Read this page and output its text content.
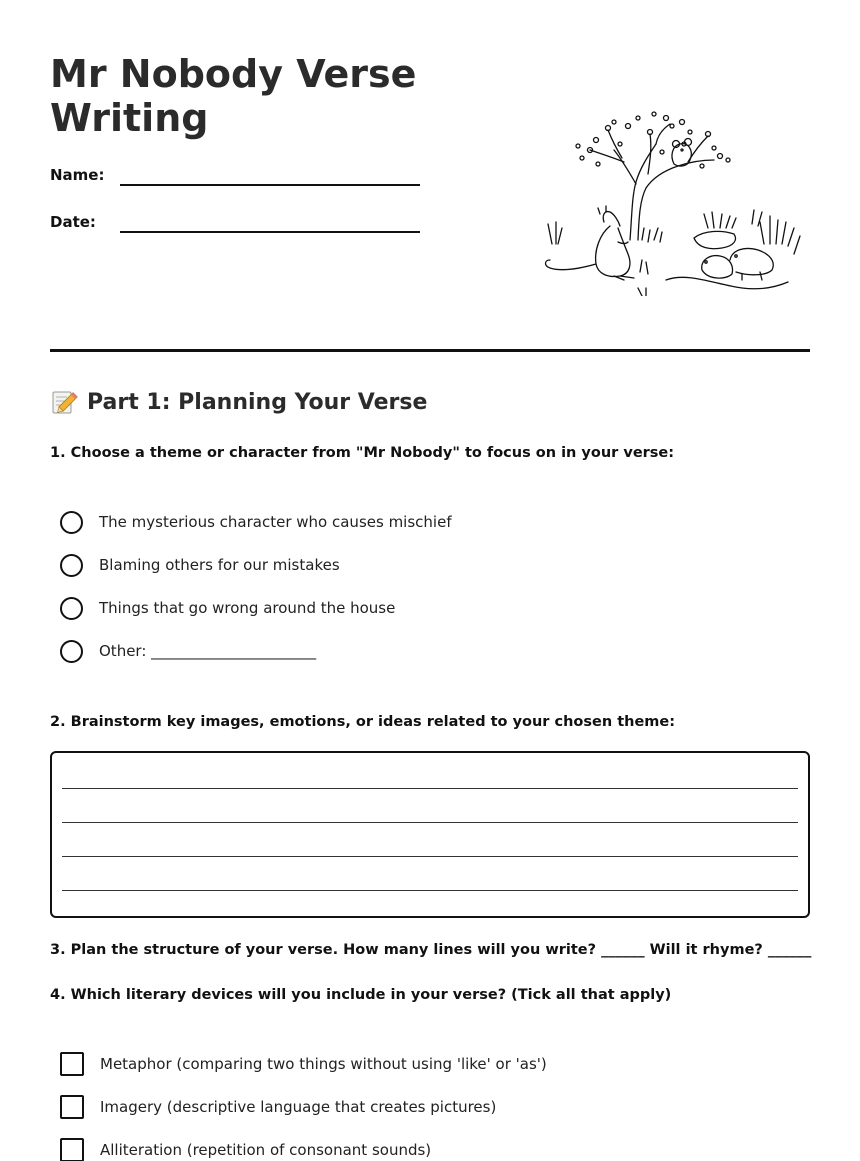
Mr Nobody Verse Writing
Name:
Date:
Part 1: Planning Your Verse
1. Choose a theme or character from "Mr Nobody" to focus on in your verse:
The mysterious character who causes mischief
Blaming others for our mistakes
Things that go wrong around the house
Other: ______________________
2. Brainstorm key images, emotions, or ideas related to your chosen theme:
3. Plan the structure of your verse. How many lines will you write? ______ Will it rhyme? ______
4. Which literary devices will you include in your verse? (Tick all that apply)
Metaphor (comparing two things without using 'like' or 'as')
Imagery (descriptive language that creates pictures)
Alliteration (repetition of consonant sounds)
